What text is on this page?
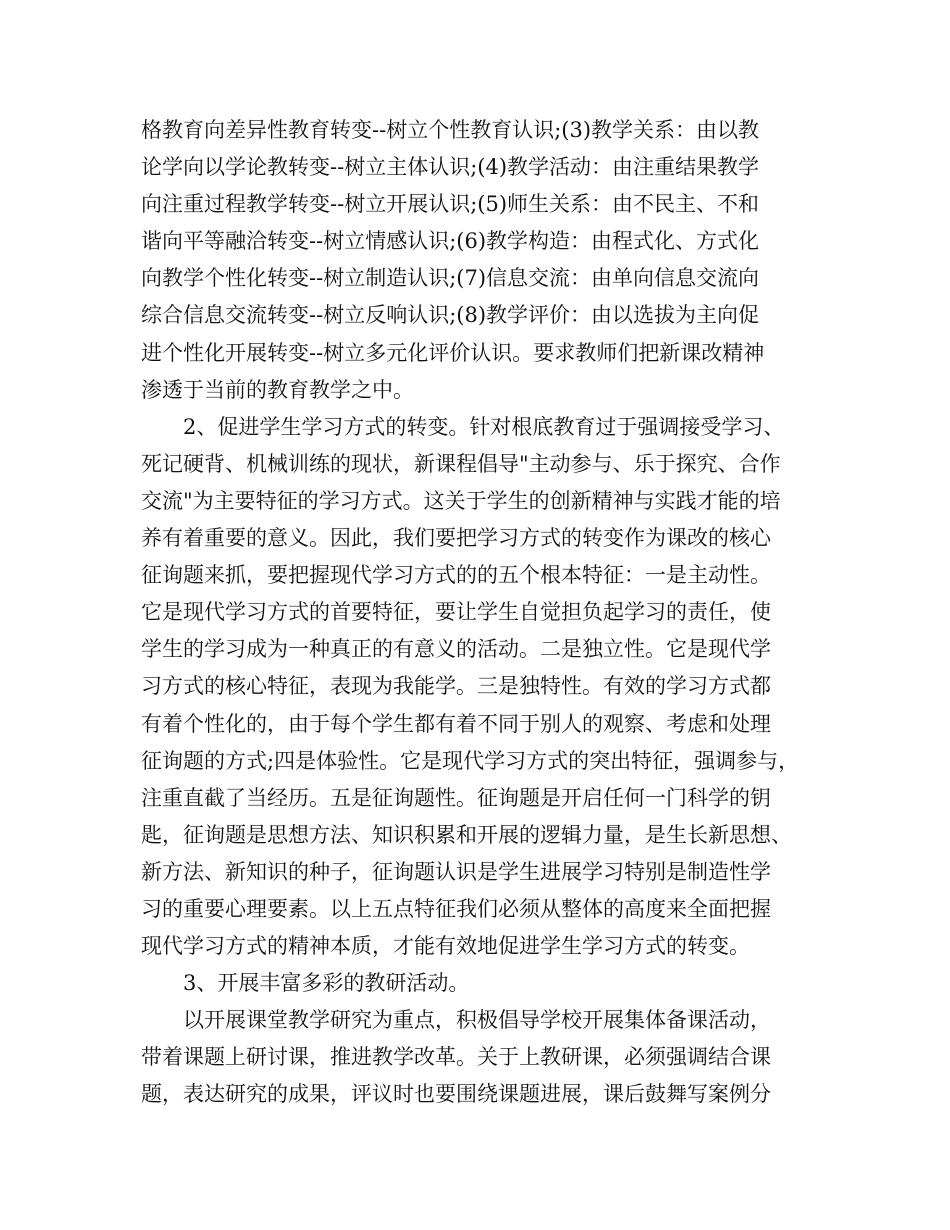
格教育向差异性教育转变--树立个性教育认识;(3)教学关系：由以教
论学向以学论教转变--树立主体认识;(4)教学活动：由注重结果教学
向注重过程教学转变--树立开展认识;(5)师生关系：由不民主、不和
谐向平等融洽转变--树立情感认识;(6)教学构造：由程式化、方式化
向教学个性化转变--树立制造认识;(7)信息交流：由单向信息交流向
综合信息交流转变--树立反响认识;(8)教学评价：由以选拔为主向促
进个性化开展转变--树立多元化评价认识。要求教师们把新课改精神
渗透于当前的教育教学之中。
2、促进学生学习方式的转变。针对根底教育过于强调接受学习、
死记硬背、机械训练的现状，新课程倡导"主动参与、乐于探究、合作
交流"为主要特征的学习方式。这关于学生的创新精神与实践才能的培
养有着重要的意义。因此，我们要把学习方式的转变作为课改的核心
征询题来抓，要把握现代学习方式的的五个根本特征：一是主动性。
它是现代学习方式的首要特征，要让学生自觉担负起学习的责任，使
学生的学习成为一种真正的有意义的活动。二是独立性。它是现代学
习方式的核心特征，表现为我能学。三是独特性。有效的学习方式都
有着个性化的，由于每个学生都有着不同于别人的观察、考虑和处理
征询题的方式;四是体验性。它是现代学习方式的突出特征，强调参与，
注重直截了当经历。五是征询题性。征询题是开启任何一门科学的钥
匙，征询题是思想方法、知识积累和开展的逻辑力量，是生长新思想、
新方法、新知识的种子，征询题认识是学生进展学习特别是制造性学
习的重要心理要素。以上五点特征我们必须从整体的高度来全面把握
现代学习方式的精神本质，才能有效地促进学生学习方式的转变。
3、开展丰富多彩的教研活动。
以开展课堂教学研究为重点，积极倡导学校开展集体备课活动，
带着课题上研讨课，推进教学改革。关于上教研课，必须强调结合课
题，表达研究的成果，评议时也要围绕课题进展，课后鼓舞写案例分
